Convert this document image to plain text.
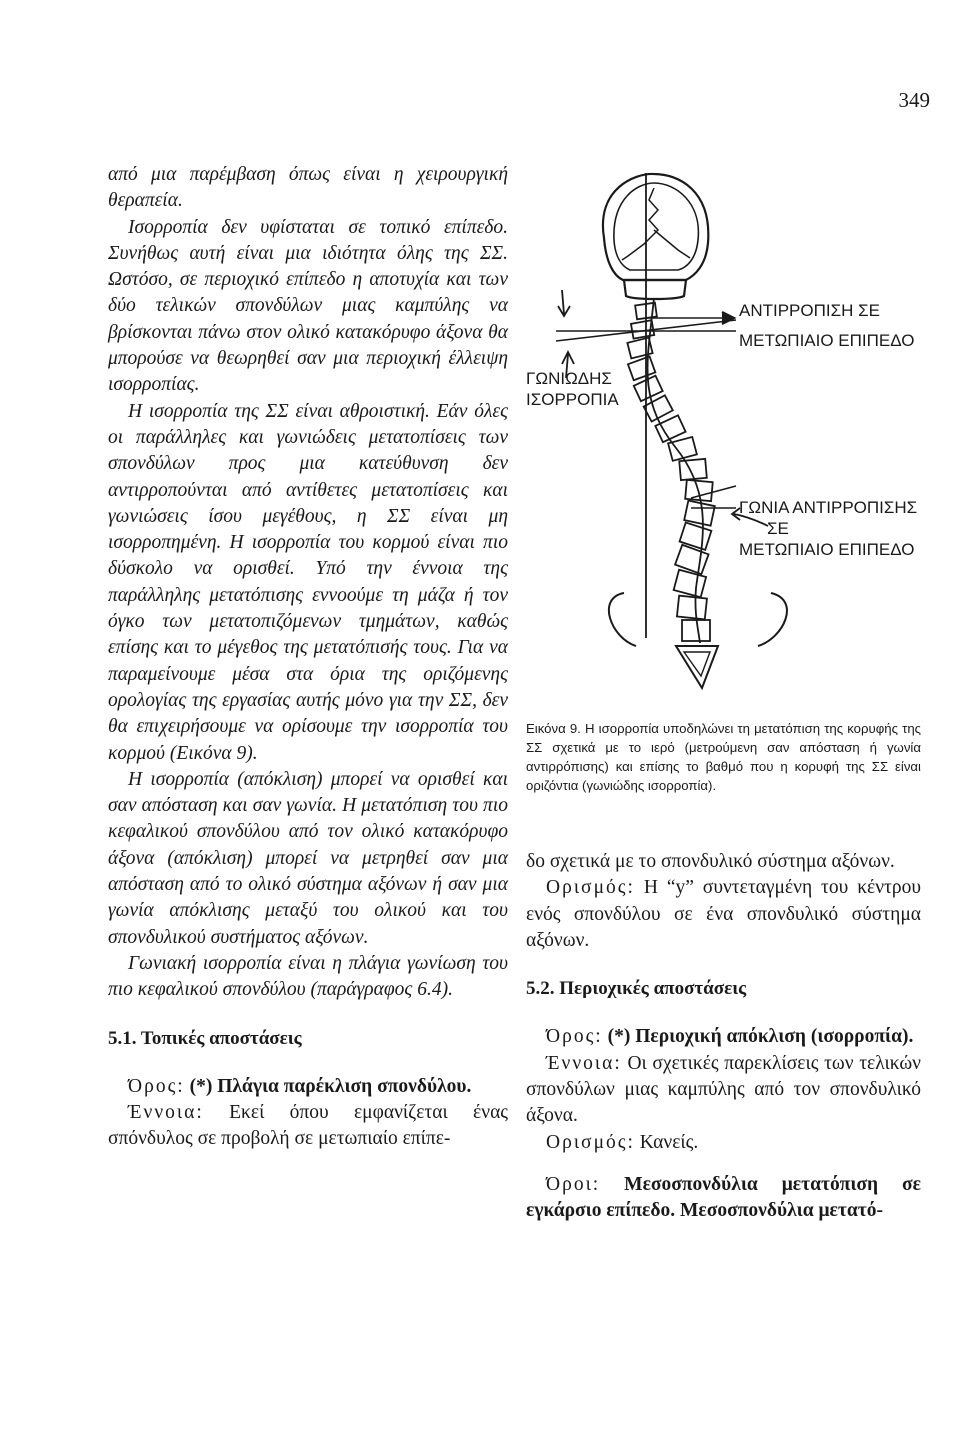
349

από μια παρέμβαση όπως είναι η χειρουργική θεραπεία.

Ισορροπία δεν υφίσταται σε τοπικό επίπεδο. Συνήθως αυτή είναι μια ιδιότητα όλης της ΣΣ. Ωστόσο, σε περιοχικό επίπεδο η αποτυχία και των δύο τελικών σπονδύλων μιας καμπύλης να βρίσκονται πάνω στον ολικό κατακόρυφο άξονα θα μπορούσε να θεωρηθεί σαν μια περιοχική έλλειψη ισορροπίας.

Η ισορροπία της ΣΣ είναι αθροιστική. Εάν όλες οι παράλληλες και γωνιώδεις μετατοπίσεις των σπονδύλων προς μια κατεύθυνση δεν αντιρροπούνται από αντίθετες μετατοπίσεις και γωνιώσεις ίσου μεγέθους, η ΣΣ είναι μη ισορροπημένη. Η ισορροπία του κορμού είναι πιο δύσκολο να ορισθεί. Υπό την έννοια της παράλληλης μετατόπισης εννοούμε τη μάζα ή τον όγκο των μετατοπιζόμενων τμημάτων, καθώς επίσης και το μέγεθος της μετατόπισής τους. Για να παραμείνουμε μέσα στα όρια της οριζόμενης ορολογίας της εργασίας αυτής μόνο για την ΣΣ, δεν θα επιχειρήσουμε να ορίσουμε την ισορροπία του κορμού (Εικόνα 9).

Η ισορροπία (απόκλιση) μπορεί να ορισθεί και σαν απόσταση και σαν γωνία. Η μετατόπιση του πιο κεφαλικού σπονδύλου από τον ολικό κατακόρυφο άξονα (απόκλιση) μπορεί να μετρηθεί σαν μια απόσταση από το ολικό σύστημα αξόνων ή σαν μια γωνία απόκλισης μεταξύ του ολικού και του σπονδυλικού συστήματος αξόνων.

Γωνιακή ισορροπία είναι η πλάγια γωνίωση του πιο κεφαλικού σπονδύλου (παράγραφος 6.4).

5.1. Τοπικές αποστάσεις

Όρος: (*) Πλάγια παρέκλιση σπονδύλου.

Έννοια: Εκεί όπου εμφανίζεται ένας σπόνδυλος σε προβολή σε μετωπιαίο επίπε-

ΑΝΤΙΡΡΟΠΙΣΗ ΣΕ
ΜΕΤΩΠΙΑΙΟ ΕΠΙΠΕΔΟ
ΓΩΝΙΩΔΗΣ
ΙΣΟΡΡΟΠΙΑ
ΓΩΝΙΑ ΑΝΤΙΡΡΟΠΙΣΗΣ
ΣΕ
ΜΕΤΩΠΙΑΙΟ ΕΠΙΠΕΔΟ
Εικόνα 9. Η ισορροπία υποδηλώνει τη μετατόπιση της κορυφής της ΣΣ σχετικά με το ιερό (μετρούμενη σαν απόσταση ή γωνία αντιρρόπισης) και επίσης το βαθμό που η κορυφή της ΣΣ είναι οριζόντια (γωνιώδης ισορροπία).

δο σχετικά με το σπονδυλικό σύστημα αξόνων.

Ορισμός: Η “y” συντεταγμένη του κέντρου ενός σπονδύλου σε ένα σπονδυλικό σύστημα αξόνων.

5.2. Περιοχικές αποστάσεις

Όρος: (*) Περιοχική απόκλιση (ισορροπία).

Έννοια: Οι σχετικές παρεκλίσεις των τελικών σπονδύλων μιας καμπύλης από τον σπονδυλικό άξονα.

Ορισμός: Κανείς.

Όροι: Μεσοσπονδύλια μετατόπιση σε εγκάρσιο επίπεδο. Μεσοσπονδύλια μετατό-
